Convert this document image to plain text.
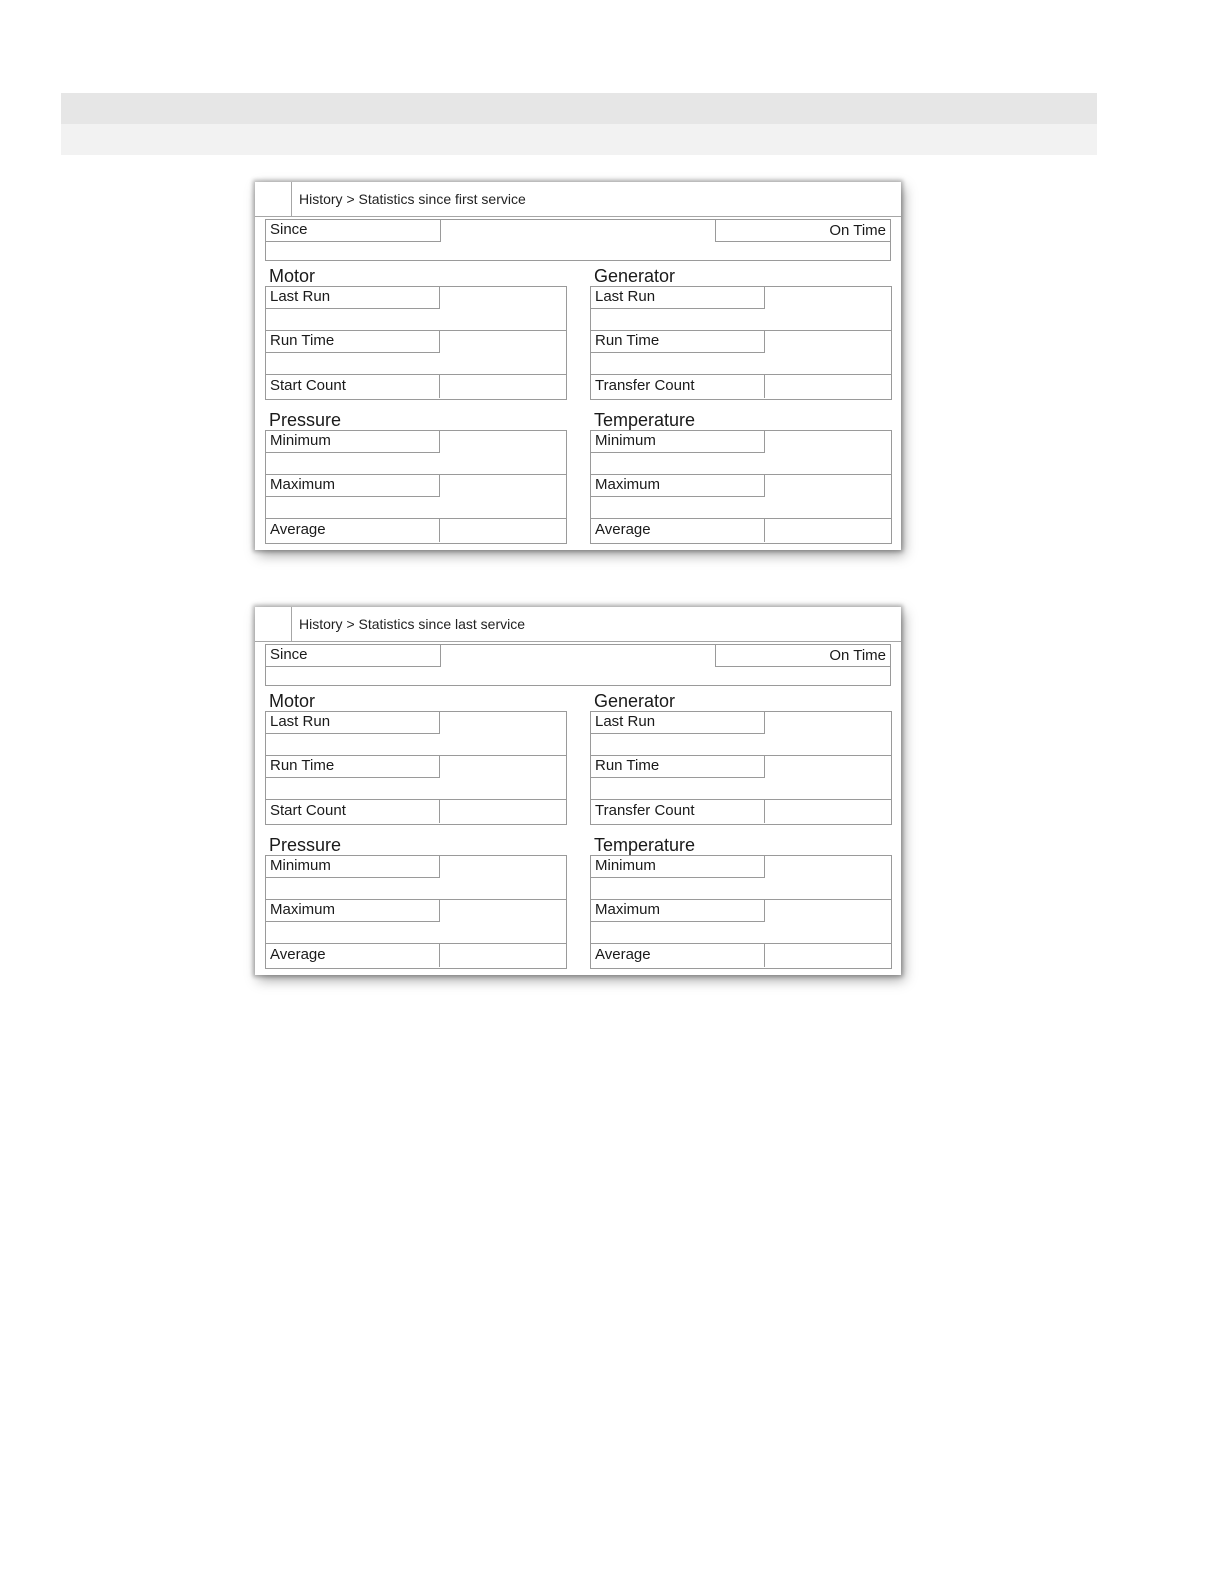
History > Statistics since first service
Since	On Time
Motor
Last Run
Run Time
Start Count
Generator
Last Run
Run Time
Transfer Count
Pressure
Minimum
Maximum
Average
Temperature
Minimum
Maximum
Average
History > Statistics since last service
Since	On Time
Motor
Last Run
Run Time
Start Count
Generator
Last Run
Run Time
Transfer Count
Pressure
Minimum
Maximum
Average
Temperature
Minimum
Maximum
Average
